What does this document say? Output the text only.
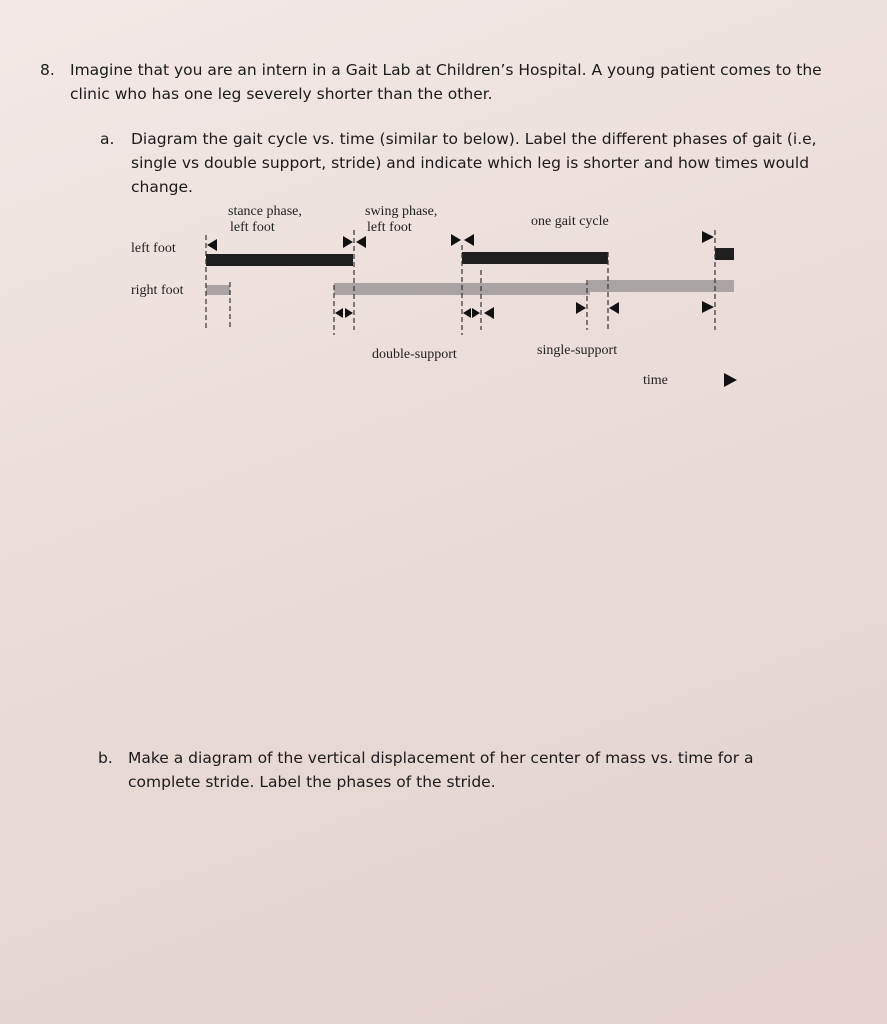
8. Imagine that you are an intern in a Gait Lab at Children’s Hospital. A young patient comes to the clinic who has one leg severely shorter than the other.
a. Diagram the gait cycle vs. time (similar to below). Label the different phases of gait (i.e, single vs double support, stride) and indicate which leg is shorter and how times would change.
stance phase,
left foot
swing phase,
left foot	one gait cycle
left foot
right foot
double-support	single-support
time
b. Make a diagram of the vertical displacement of her center of mass vs. time for a complete stride. Label the phases of the stride.
